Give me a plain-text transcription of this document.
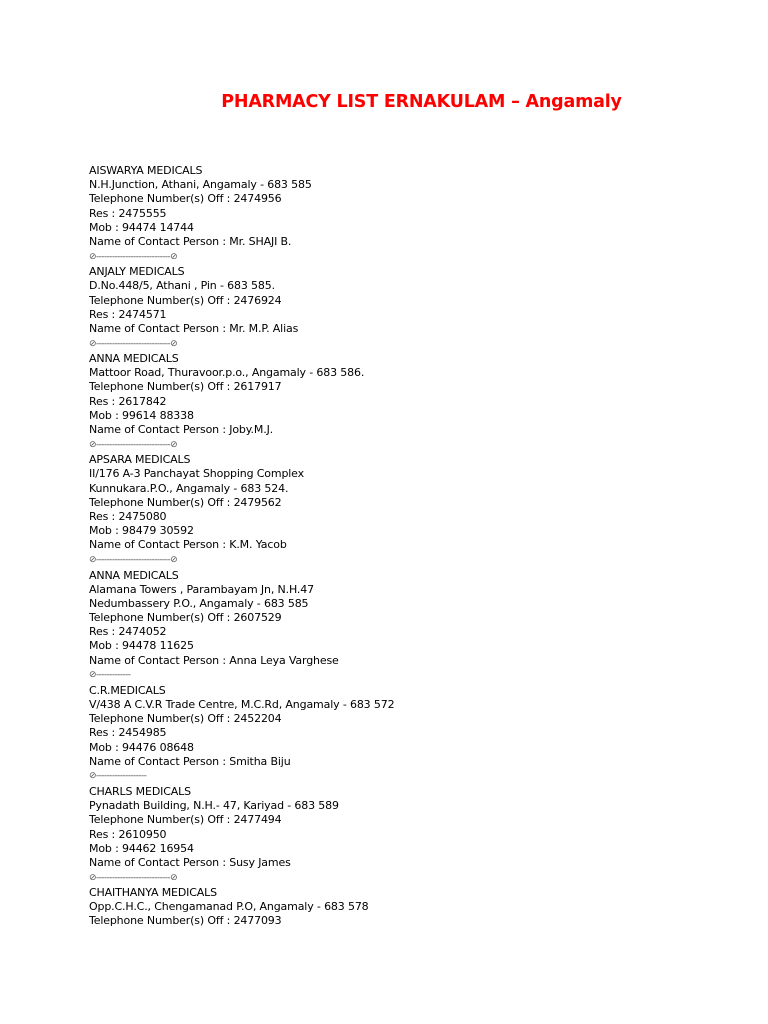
PHARMACY LIST ERNAKULAM – Angamaly
AISWARYA MEDICALS
N.H.Junction, Athani, Angamaly - 683 585
Telephone Number(s) Off : 2474956
Res : 2475555
Mob : 94474 14744
Name of Contact Person : Mr. SHAJI B.
⊘----------------------------⊘
ANJALY MEDICALS
D.No.448/5, Athani , Pin - 683 585.
Telephone Number(s) Off : 2476924
Res : 2474571
Name of Contact Person : Mr. M.P. Alias
⊘----------------------------⊘
ANNA MEDICALS
Mattoor Road, Thuravoor.p.o., Angamaly - 683 586.
Telephone Number(s) Off : 2617917
Res : 2617842
Mob : 99614 88338
Name of Contact Person : Joby.M.J.
⊘----------------------------⊘
APSARA MEDICALS
II/176 A-3 Panchayat Shopping Complex
Kunnukara.P.O., Angamaly - 683 524.
Telephone Number(s) Off : 2479562
Res : 2475080
Mob : 98479 30592
Name of Contact Person : K.M. Yacob
⊘----------------------------⊘
ANNA MEDICALS
Alamana Towers , Parambayam Jn, N.H.47
Nedumbassery P.O., Angamaly - 683 585
Telephone Number(s) Off : 2607529
Res : 2474052
Mob : 94478 11625
Name of Contact Person : Anna Leya Varghese
⊘-------------
C.R.MEDICALS
V/438 A C.V.R Trade Centre, M.C.Rd, Angamaly - 683 572
Telephone Number(s) Off : 2452204
Res : 2454985
Mob : 94476 08648
Name of Contact Person : Smitha Biju
⊘-------------------
CHARLS MEDICALS
Pynadath Building, N.H.- 47, Kariyad - 683 589
Telephone Number(s) Off : 2477494
Res : 2610950
Mob : 94462 16954
Name of Contact Person : Susy James
⊘----------------------------⊘
CHAITHANYA MEDICALS
Opp.C.H.C., Chengamanad P.O, Angamaly - 683 578
Telephone Number(s) Off : 2477093
